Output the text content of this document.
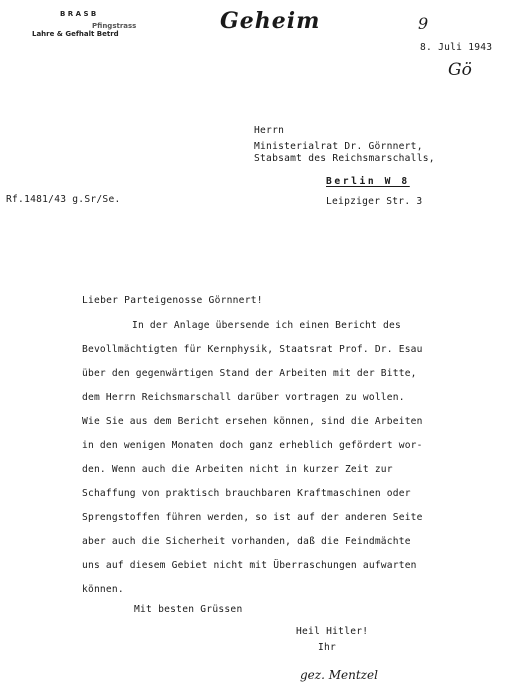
B R A S B
Pfingstrass
Lahre & Gefhalt Betrd	Geheim	9
8. Juli 1943
Gö
Herrn
Ministerialrat Dr. Görnnert,
Stabsamt des Reichsmarschalls,
Berlin W 8
Leipziger Str. 3
Rf.1481/43 g.Sr/Se.
Lieber Parteigenosse Görnnert!
In der Anlage übersende ich einen Bericht des
Bevollmächtigten für Kernphysik, Staatsrat Prof. Dr. Esau
über den gegenwärtigen Stand der Arbeiten mit der Bitte,
dem Herrn Reichsmarschall darüber vortragen zu wollen.
Wie Sie aus dem Bericht ersehen können, sind die Arbeiten
in den wenigen Monaten doch ganz erheblich gefördert wor-
den. Wenn auch die Arbeiten nicht in kurzer Zeit zur
Schaffung von praktisch brauchbaren Kraftmaschinen oder
Sprengstoffen führen werden, so ist auf der anderen Seite
aber auch die Sicherheit vorhanden, daß die Feindmächte
uns auf diesem Gebiet nicht mit Überraschungen aufwarten
können.
Mit besten Grüssen
Heil Hitler!
Ihr
gez. Mentzel
